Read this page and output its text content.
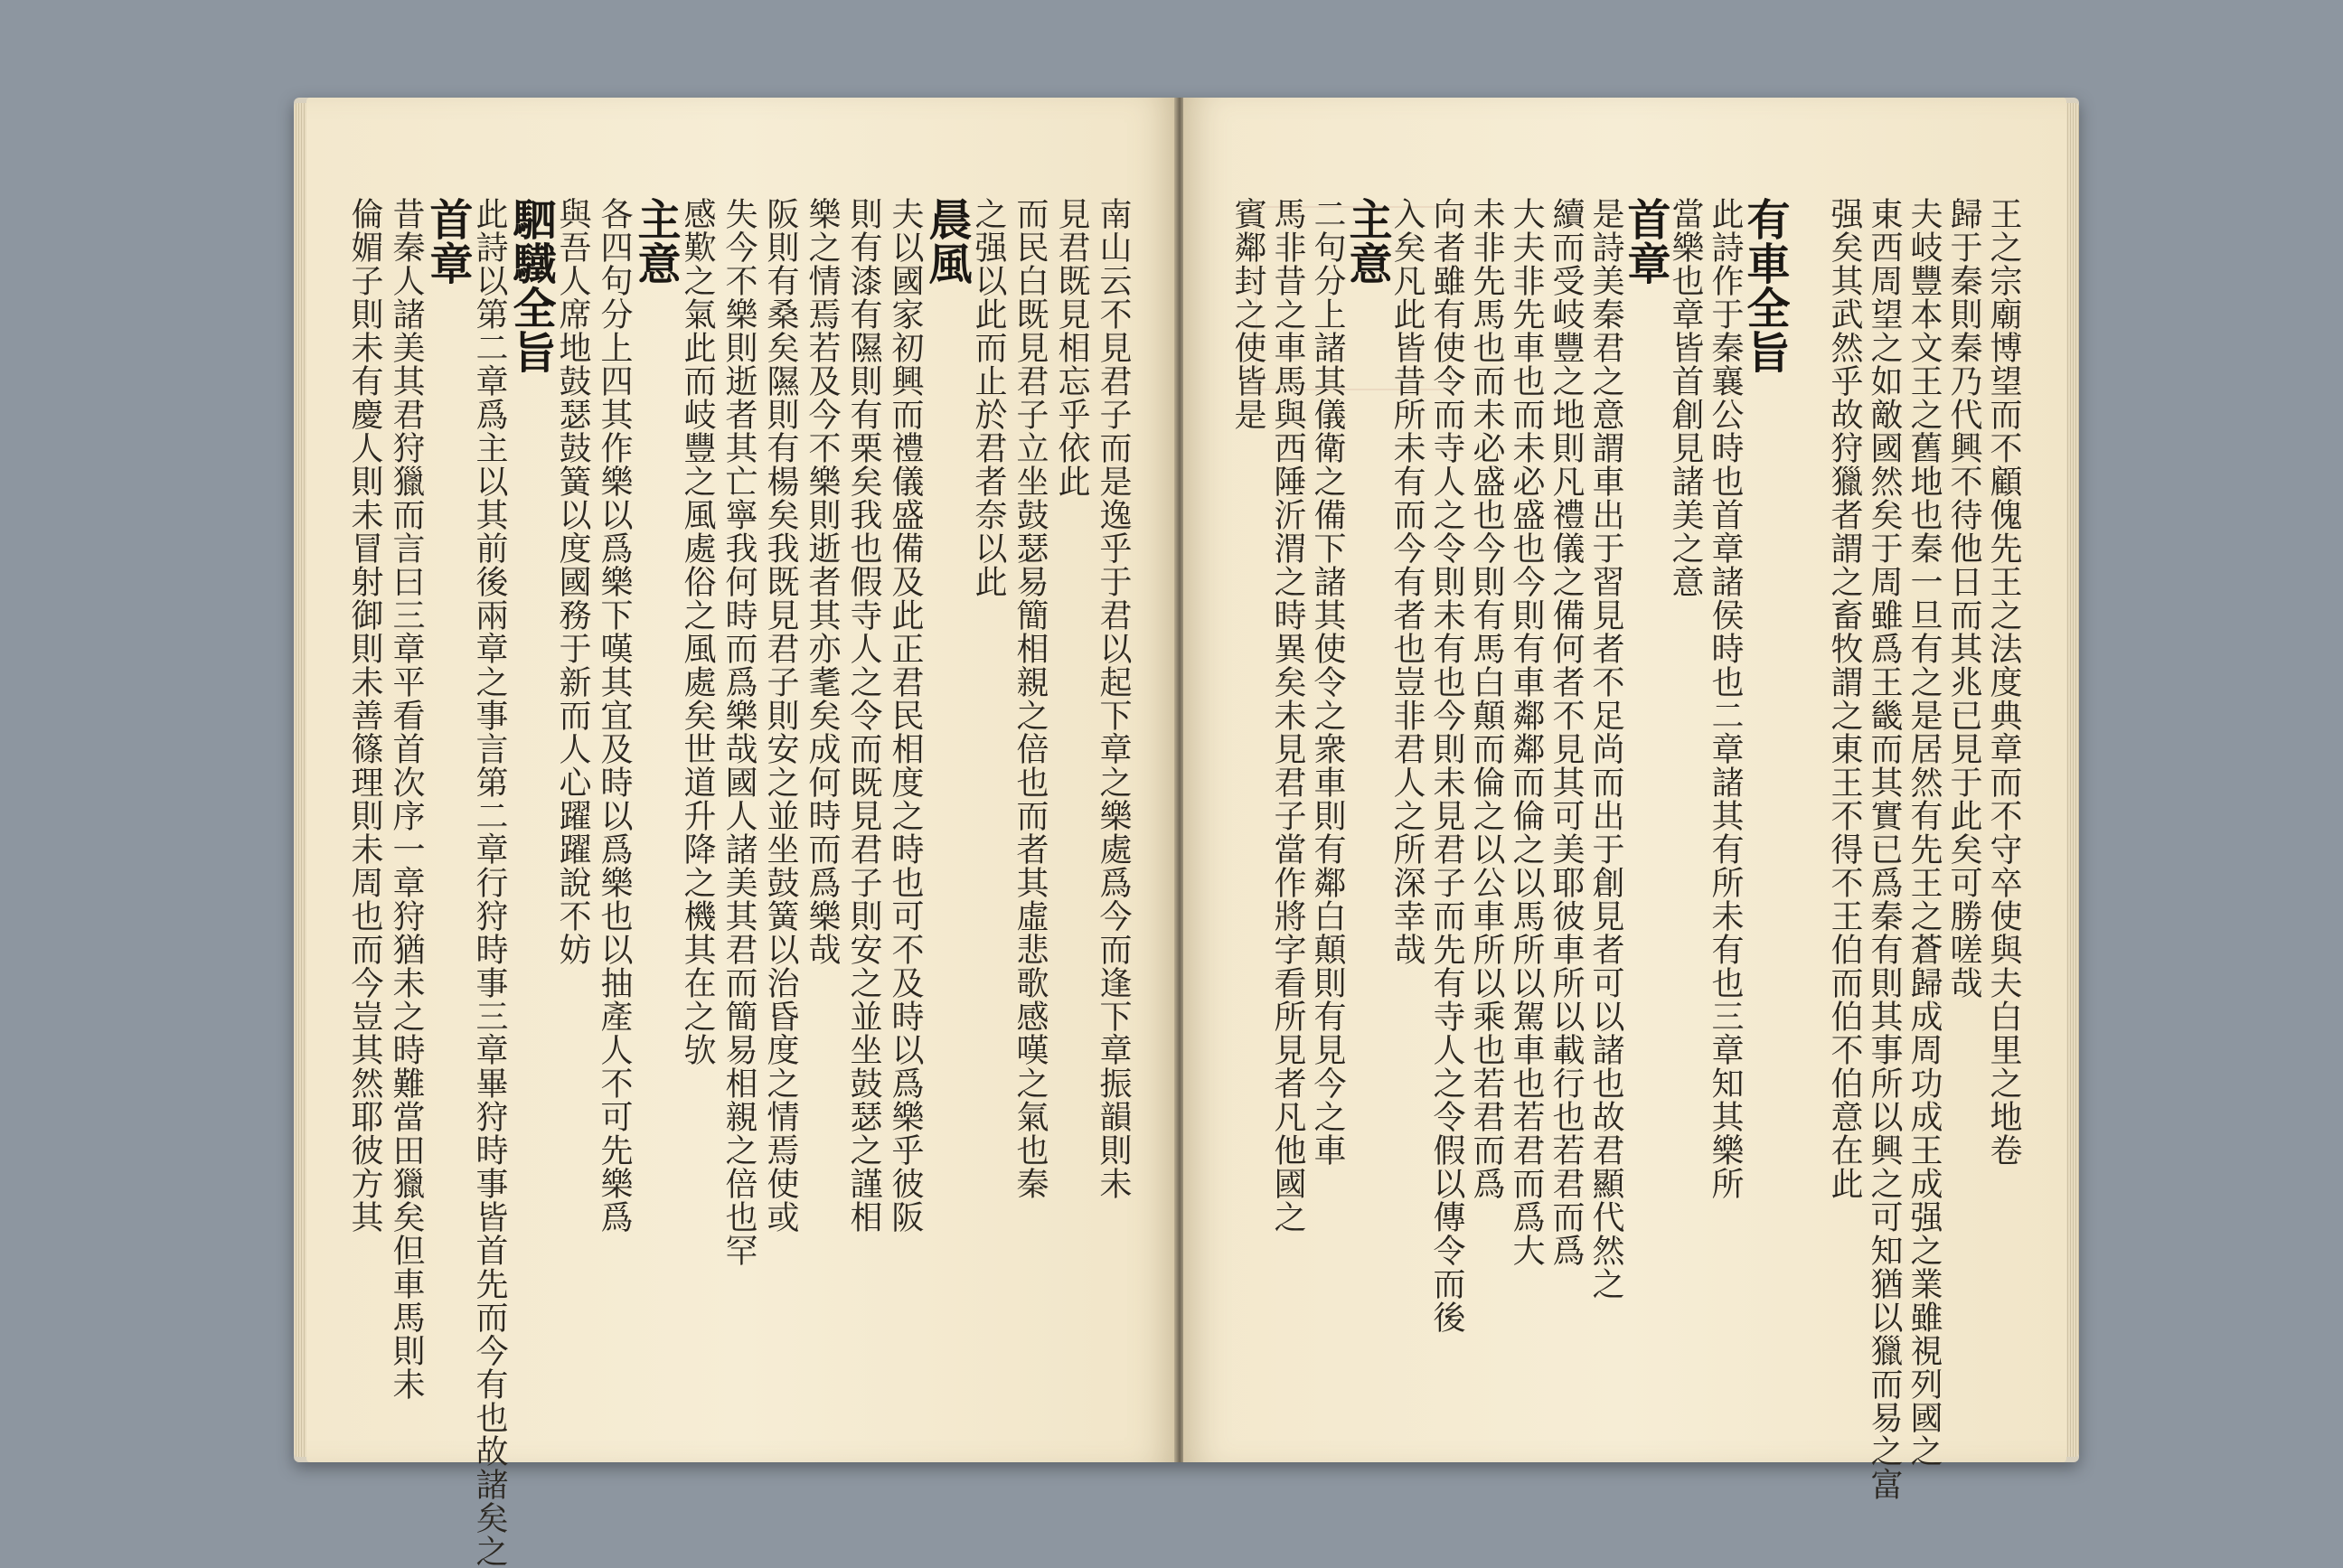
南山云不見君子而是逸乎于君以起下章之樂處爲今而逢下章振韻則未
見君既見相忘乎依此
而民白既見君子立坐鼓瑟易簡相親之倍也而者其虛悲歌感嘆之氣也秦
之强以此而止於君者奈以此
晨風
夫以國家初興而禮儀盛備及此正君民相度之時也可不及時以爲樂乎彼阪
則有漆有隰則有栗矣我也假寺人之令而既見君子則安之並坐鼓瑟之謹相
樂之情焉若及今不樂則逝者其亦耄矣成何時而爲樂哉
阪則有桑矣隰則有楊矣我既見君子則安之並坐鼓簧以治昏度之情焉使或
失今不樂則逝者其亡寧我何時而爲樂哉國人諸美其君而簡易相親之倍也罕
感歎之氣此而岐豐之風處俗之風處矣世道升降之機其在之欤
主意
各四句分上四其作樂以爲樂下嘆其宜及時以爲樂也以抽產人不可先樂爲
與吾人席地鼓瑟鼓簧以度國務于新而人心躍躍說不妨
駟驖全旨
此詩以第二章爲主以其前後兩章之事言第二章行狩時事三章畢狩時事皆首先而今有也故諸矣之
首章
昔秦人諸美其君狩獵而言曰三章平看首次序一章狩猶未之時難當田獵矣但車馬則未
倫媚子則未有慶人則未冒射御則未善篠理則未周也而今豈其然耶彼方其	王之宗廟博望而不顧傀先王之法度典章而不守卒使與夫白里之地卷
歸于秦則秦乃代興不待他日而其兆已見于此矣可勝嗟哉
夫岐豐本文王之舊地也秦一旦有之是居然有先王之蒼歸成周功成王成强之業雖視列國之
東西周望之如敵國然矣于周雖爲王畿而其實已爲秦有則其事所以興之可知猶以獵而易之富
强矣其武然乎故狩獵者謂之畜牧謂之東王不得不王伯而伯不伯意在此
有車全旨
此詩作于秦襄公時也首章諸侯時也二章諸其有所未有也三章知其樂所
當樂也章皆首創見諸美之意
首章
是詩美秦君之意謂車出于習見者不足尚而出于創見者可以諸也故君顯代然之
續而受岐豐之地則凡禮儀之備何者不見其可美耶彼車所以載行也若君而爲
大夫非先車也而未必盛也今則有車鄰鄰而倫之以馬所以駕車也若君而爲大
未非先馬也而未必盛也今則有馬白顛而倫之以公車所以乘也若君而爲
向者雖有使令而寺人之令則未有也今則未見君子而先有寺人之令假以傳令而後
入矣凡此皆昔所未有而今有者也豈非君人之所深幸哉
主意
二句分上諸其儀衛之備下諸其使令之衆車則有鄰白顛則有見今之車
馬非昔之車馬與西陲沂渭之時異矣未見君子當作將字看所見者凡他國之
賓鄰封之使皆是
